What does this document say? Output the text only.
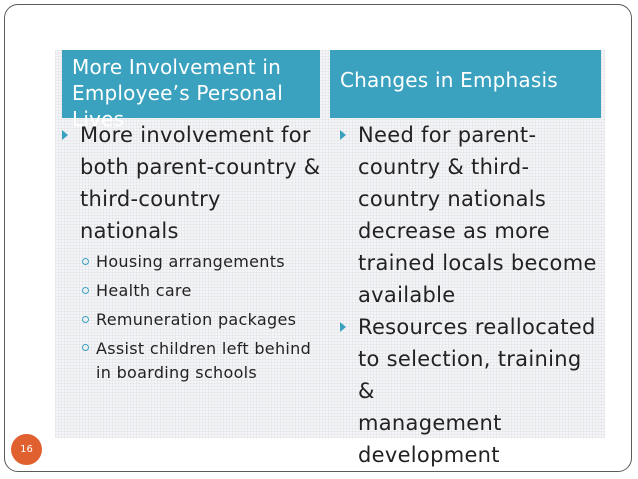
More Involvement in
Employee’s Personal Lives
Changes in Emphasis
More involvement for
both parent-country &
third-country nationals
Housing arrangements
Health care
Remuneration packages
Assist children left behind
in boarding schools
Need for parent-
country & third-
country nationals
decrease as more
trained locals become
available
Resources reallocated
to selection, training &
management
development
16
